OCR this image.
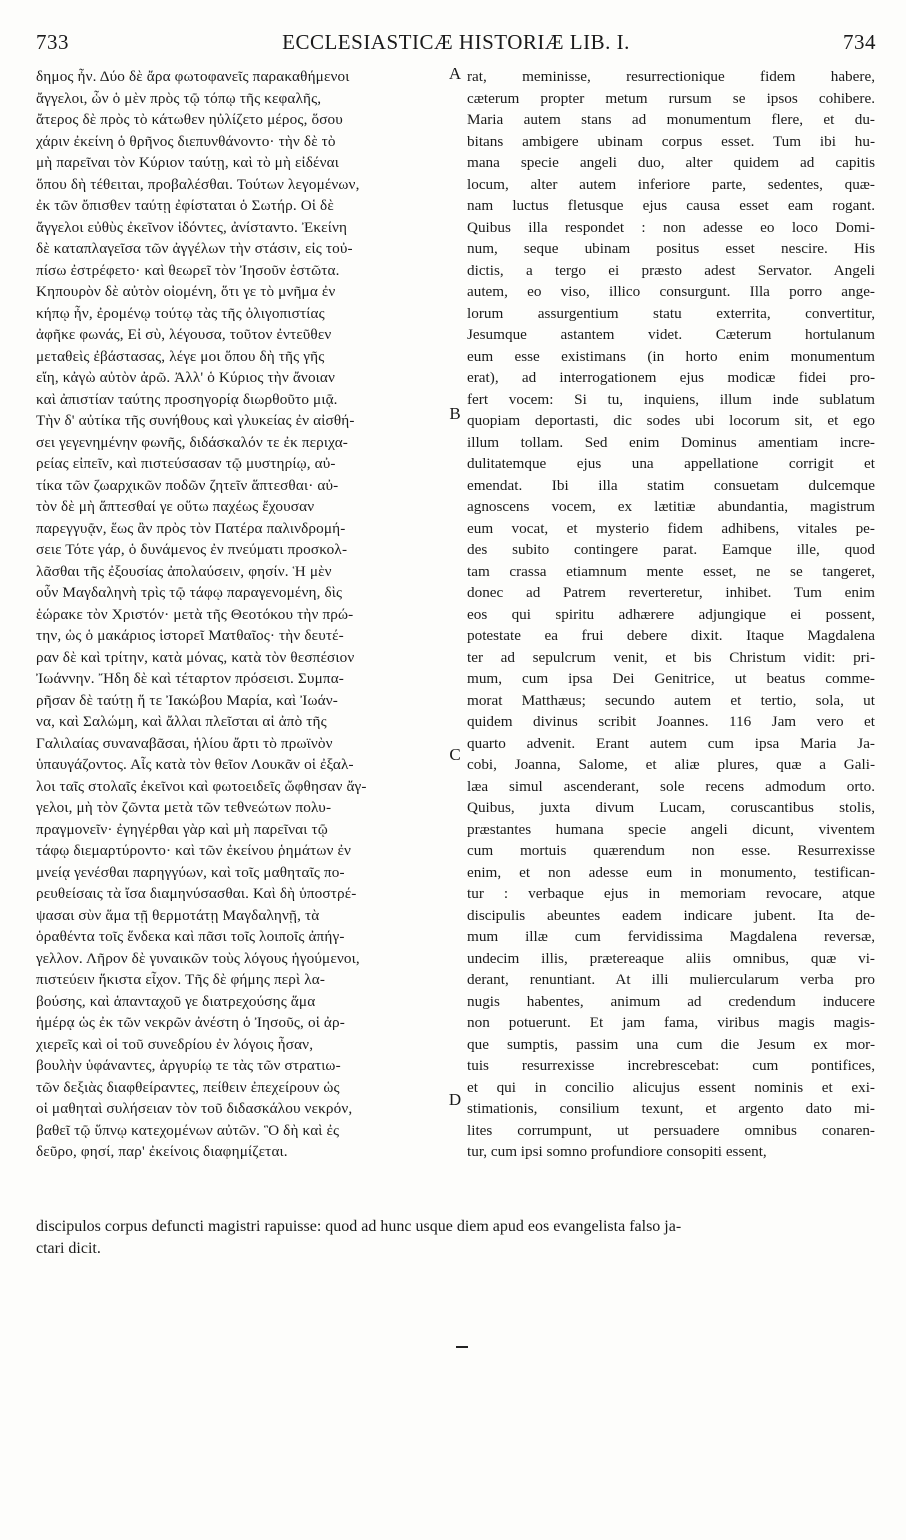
733	ECCLESIASTICÆ HISTORIÆ LIB. I.	734
δημος ἦν. Δύο δὲ ἄρα φωτοφανεῖς παρακαθήμενοι
ἄγγελοι, ὧν ὁ μὲν πρὸς τῷ τόπῳ τῆς κεφαλῆς,
ἄτερος δὲ πρὸς τὸ κάτωθεν ηὐλίζετο μέρος, ὅσου
χάριν ἐκείνη ὁ θρῆνος διεπυνθάνοντο· τὴν δὲ τὸ
μὴ παρεῖναι τὸν Κύριον ταύτῃ, καὶ τὸ μὴ εἰδέναι
ὅπου δὴ τέθειται, προβαλέσθαι. Τούτων λεγομένων,
ἐκ τῶν ὄπισθεν ταύτῃ ἐφίσταται ὁ Σωτήρ. Οἱ δὲ
ἄγγελοι εὐθὺς ἐκεῖνον ἰδόντες, ἀνίσταντο. Ἐκείνη
δὲ καταπλαγεῖσα τῶν ἀγγέλων τὴν στάσιν, εἰς τοὐ-
πίσω ἐστρέφετο· καὶ θεωρεῖ τὸν Ἰησοῦν ἑστῶτα.
Κηπουρὸν δὲ αὐτὸν οἰομένη, ὅτι γε τὸ μνῆμα ἐν
κήπῳ ἦν, ἐρομένῳ τούτῳ τὰς τῆς ὀλιγοπιστίας
ἀφῆκε φωνάς, Εἰ σὺ, λέγουσα, τοῦτον ἐντεῦθεν
μεταθεὶς ἐβάστασας, λέγε μοι ὅπου δὴ τῆς γῆς
εἴη, κἀγὼ αὐτὸν ἀρῶ. Ἀλλ' ὁ Κύριος τὴν ἄνοιαν
καὶ ἀπιστίαν ταύτης προσηγορίᾳ διωρθοῦτο μιᾷ.
Τὴν δ' αὐτίκα τῆς συνήθους καὶ γλυκείας ἐν αἰσθή-
σει γεγενημένην φωνῆς, διδάσκαλόν τε ἐκ περιχα-
ρείας εἰπεῖν, καὶ πιστεύσασαν τῷ μυστηρίῳ, αὐ-
τίκα τῶν ζωαρχικῶν ποδῶν ζητεῖν ἅπτεσθαι· αὐ-
τὸν δὲ μὴ ἅπτεσθαί γε οὕτω παχέως ἔχουσαν
παρεγγυᾷν, ἕως ἂν πρὸς τὸν Πατέρα παλινδρομή-
σειε Τότε γάρ, ὁ δυνάμενος ἐν πνεύματι προσκολ-
λᾶσθαι τῆς ἐξουσίας ἀπολαύσειν, φησίν. Ἡ μὲν
οὖν Μαγδαληνὴ τρὶς τῷ τάφῳ παραγενομένη, δὶς
ἑώρακε τὸν Χριστόν· μετὰ τῆς Θεοτόκου τὴν πρώ-
την, ὡς ὁ μακάριος ἱστορεῖ Ματθαῖος· τὴν δευτέ-
ραν δὲ καὶ τρίτην, κατὰ μόνας, κατὰ τὸν θεσπέσιον
Ἰωάννην. Ἤδη δὲ καὶ τέταρτον πρόσεισι. Συμπα-
ρῆσαν δὲ ταύτῃ ἥ τε Ἰακώβου Μαρία, καὶ Ἰωάν-
να, καὶ Σαλώμη, καὶ ἄλλαι πλεῖσται αἱ ἀπὸ τῆς
Γαλιλαίας συναναβᾶσαι, ἡλίου ἄρτι τὸ πρωϊνὸν
ὑπαυγάζοντος. Αἷς κατὰ τὸν θεῖον Λουκᾶν οἱ ἐξαλ-
λοι ταῖς στολαῖς ἐκεῖνοι καὶ φωτοειδεῖς ὤφθησαν ἄγ-
γελοι, μὴ τὸν ζῶντα μετὰ τῶν τεθνεώτων πολυ-
πραγμονεῖν· ἐγηγέρθαι γὰρ καὶ μὴ παρεῖναι τῷ
τάφῳ διεμαρτύροντο· καὶ τῶν ἐκείνου ῥημάτων ἐν
μνείᾳ γενέσθαι παρηγγύων, καὶ τοῖς μαθηταῖς πο-
ρευθείσαις τὰ ἴσα διαμηνύσασθαι. Καὶ δὴ ὑποστρέ-
ψασαι σὺν ἅμα τῇ θερμοτάτῃ Μαγδαληνῇ, τὰ
ὁραθέντα τοῖς ἕνδεκα καὶ πᾶσι τοῖς λοιποῖς ἀπήγ-
γελλον. Λῆρον δὲ γυναικῶν τοὺς λόγους ἡγούμενοι,
πιστεύειν ἥκιστα εἶχον. Τῆς δὲ φήμης περὶ λα-
βούσης, καὶ ἁπανταχοῦ γε διατρεχούσης ἅμα
ἡμέρᾳ ὡς ἐκ τῶν νεκρῶν ἀνέστη ὁ Ἰησοῦς, οἱ ἀρ-
χιερεῖς καὶ οἱ τοῦ συνεδρίου ἐν λόγοις ἦσαν,
βουλὴν ὑφάναντες, ἀργυρίῳ τε τὰς τῶν στρατιω-
τῶν δεξιὰς διαφθείραντες, πείθειν ἐπεχείρουν ὡς
οἱ μαθηταὶ συλήσειαν τὸν τοῦ διδασκάλου νεκρόν,
βαθεῖ τῷ ὕπνῳ κατεχομένων αὐτῶν. Ὃ δὴ καὶ ἐς
δεῦρο, φησί, παρ' ἐκείνοις διαφημίζεται.
rat, meminisse, resurrectionique fidem habere,
cæterum propter metum rursum se ipsos cohibere.
Maria autem stans ad monumentum flere, et du-
bitans ambigere ubinam corpus esset. Tum ibi hu-
mana specie angeli duo, alter quidem ad capitis
locum, alter autem inferiore parte, sedentes, quæ-
nam luctus fletusque ejus causa esset eam rogant.
Quibus illa respondet : non adesse eo loco Domi-
num, seque ubinam positus esset nescire. His
dictis, a tergo ei præsto adest Servator. Angeli
autem, eo viso, illico consurgunt. Illa porro ange-
lorum assurgentium statu exterrita, convertitur,
Jesumque astantem videt. Cæterum hortulanum
eum esse existimans (in horto enim monumentum
erat), ad interrogationem ejus modicæ fidei pro-
fert vocem: Si tu, inquiens, illum inde sublatum
quopiam deportasti, dic sodes ubi locorum sit, et ego
illum tollam. Sed enim Dominus amentiam incre-
dulitatemque ejus una appellatione corrigit et
emendat. Ibi illa statim consuetam dulcemque
agnoscens vocem, ex lætitiæ abundantia, magistrum
eum vocat, et mysterio fidem adhibens, vitales pe-
des subito contingere parat. Eamque ille, quod
tam crassa etiamnum mente esset, ne se tangeret,
donec ad Patrem reverteretur, inhibet. Tum enim
eos qui spiritu adhærere adjungique ei possent,
potestate ea frui debere dixit. Itaque Magdalena
ter ad sepulcrum venit, et bis Christum vidit: pri-
mum, cum ipsa Dei Genitrice, ut beatus comme-
morat Matthæus; secundo autem et tertio, sola, ut
quidem divinus scribit Joannes. 116 Jam vero et
quarto advenit. Erant autem cum ipsa Maria Ja-
cobi, Joanna, Salome, et aliæ plures, quæ a Gali-
læa simul ascenderant, sole recens admodum orto.
Quibus, juxta divum Lucam, coruscantibus stolis,
præstantes humana specie angeli dicunt, viventem
cum mortuis quærendum non esse. Resurrexisse
enim, et non adesse eum in monumento, testifican-
tur : verbaque ejus in memoriam revocare, atque
discipulis abeuntes eadem indicare jubent. Ita de-
mum illæ cum fervidissima Magdalena reversæ,
undecim illis, prætereaque aliis omnibus, quæ vi-
derant, renuntiant. At illi muliercularum verba pro
nugis habentes, animum ad credendum inducere
non potuerunt. Et jam fama, viribus magis magis-
que sumptis, passim una cum die Jesum ex mor-
tuis resurrexisse increbrescebat: cum pontifices,
et qui in concilio alicujus essent nominis et exi-
stimationis, consilium texunt, et argento dato mi-
lites corrumpunt, ut persuadere omnibus conaren-
tur, cum ipsi somno profundiore consopiti essent,
A
B
C
D
discipulos corpus defuncti magistri rapuisse: quod ad hunc usque diem apud eos evangelista falso ja-
ctari dicit.
